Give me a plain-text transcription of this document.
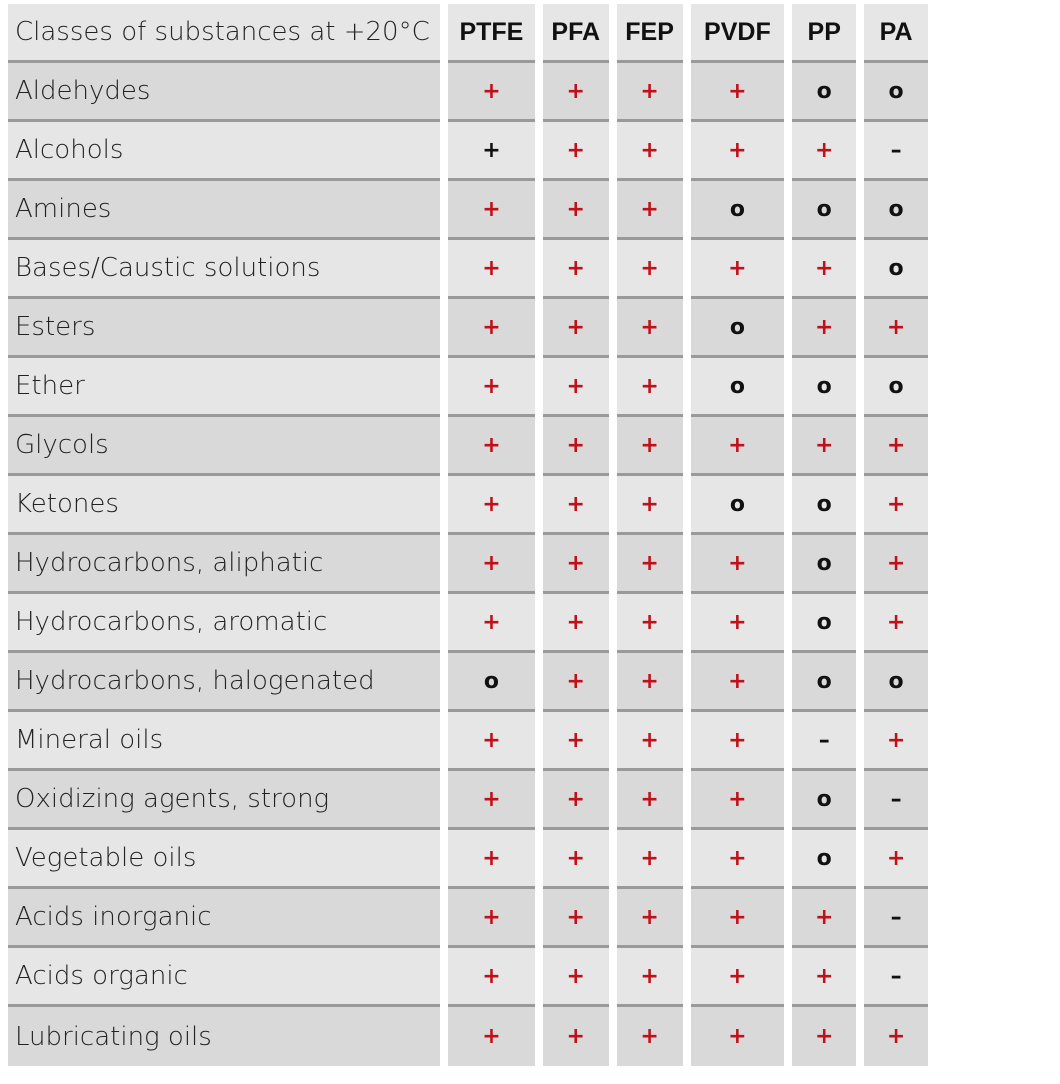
Classes of substances at +20°C	PTFE	PFA	FEP	PVDF	PP	PA
Aldehydes	+	+	+	+	o	o
Alcohols	+	+	+	+	+	–
Amines	+	+	+	o	o	o
Bases/Caustic solutions	+	+	+	+	+	o
Esters	+	+	+	o	+	+
Ether	+	+	+	o	o	o
Glycols	+	+	+	+	+	+
Ketones	+	+	+	o	o	+
Hydrocarbons, aliphatic	+	+	+	+	o	+
Hydrocarbons, aromatic	+	+	+	+	o	+
Hydrocarbons, halogenated	o	+	+	+	o	o
Mineral oils	+	+	+	+	–	+
Oxidizing agents, strong	+	+	+	+	o	–
Vegetable oils	+	+	+	+	o	+
Acids inorganic	+	+	+	+	+	–
Acids organic	+	+	+	+	+	–
Lubricating oils	+	+	+	+	+	+
